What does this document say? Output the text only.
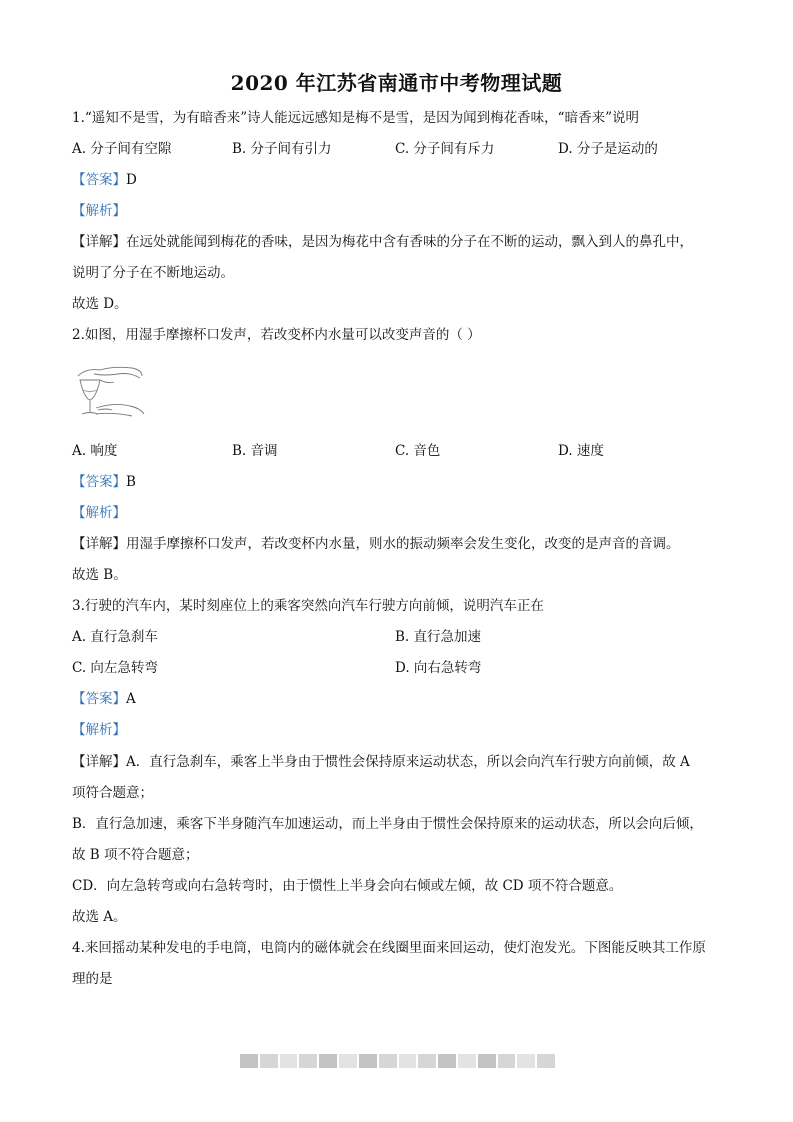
2020 年江苏省南通市中考物理试题
1.“遥知不是雪，为有暗香来”诗人能远远感知是梅不是雪，是因为闻到梅花香味，“暗香来”说明
A. 分子间有空隙	B. 分子间有引力	C. 分子间有斥力	D. 分子是运动的
【答案】D
【解析】
【详解】在远处就能闻到梅花的香味，是因为梅花中含有香味的分子在不断的运动，飘入到人的鼻孔中，
说明了分子在不断地运动。
故选 D。
2.如图，用湿手摩擦杯口发声，若改变杯内水量可以改变声音的（ ）
A. 响度	B. 音调	C. 音色	D. 速度
【答案】B
【解析】
【详解】用湿手摩擦杯口发声，若改变杯内水量，则水的振动频率会发生变化，改变的是声音的音调。
故选 B。
3.行驶的汽车内，某时刻座位上的乘客突然向汽车行驶方向前倾，说明汽车正在
A. 直行急刹车	B. 直行急加速
C. 向左急转弯	D. 向右急转弯
【答案】A
【解析】
【详解】A．直行急刹车，乘客上半身由于惯性会保持原来运动状态，所以会向汽车行驶方向前倾，故 A
项符合题意；
B．直行急加速，乘客下半身随汽车加速运动，而上半身由于惯性会保持原来的运动状态，所以会向后倾，
故 B 项不符合题意；
CD．向左急转弯或向右急转弯时，由于惯性上半身会向右倾或左倾，故 CD 项不符合题意。
故选 A。
4.来回摇动某种发电的手电筒，电筒内的磁体就会在线圈里面来回运动，使灯泡发光。下图能反映其工作原
理的是
